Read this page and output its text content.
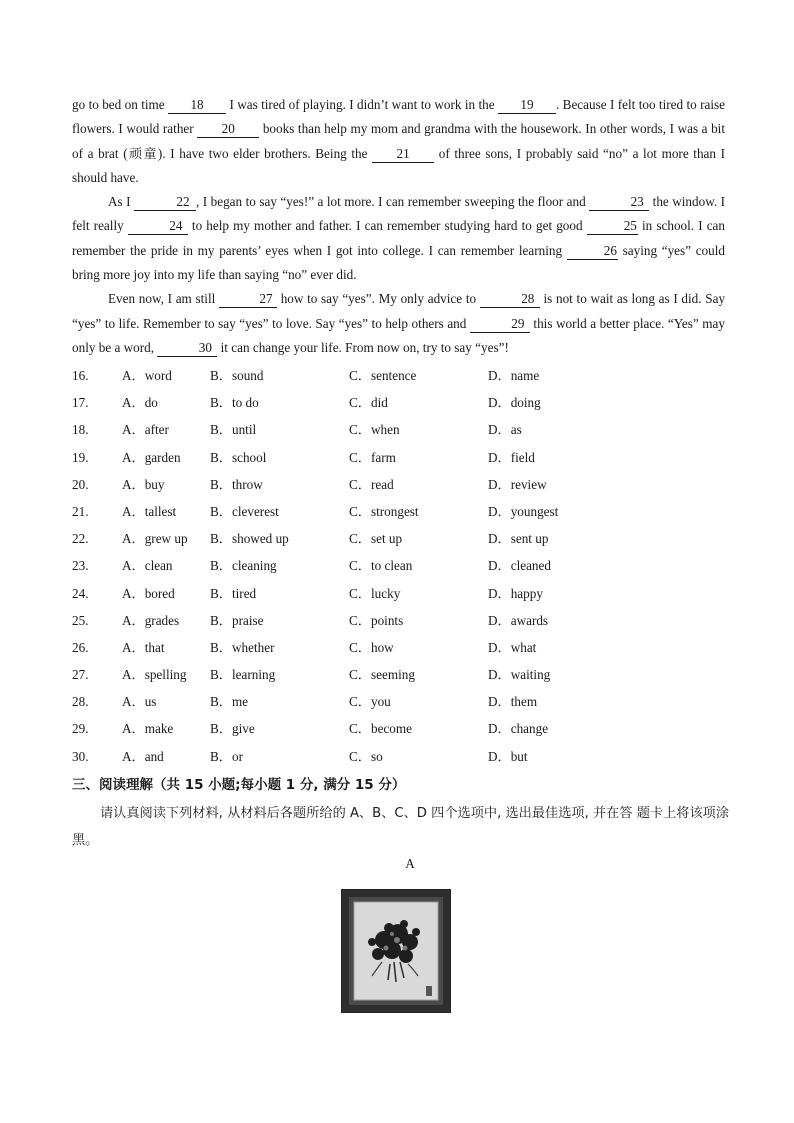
go to bed on time 18 I was tired of playing. I didn’t want to work in the 19 . Because I felt too tired to raise flowers. I would rather 20 books than help my mom and grandma with the housework. In other words, I was a bit of a brat (顽童). I have two elder brothers. Being the 21 of three sons, I probably said “no” a lot more than I should have.

As I	22 , I began to say “yes!” a lot more. I can remember sweeping the floor and	23 the window. I felt really	24 to help my mother and father. I can remember studying hard to get good	25 in school. I can remember the pride in my parents’ eyes when I got into college. I can remember learning	26 saying “yes” could bring more joy into my life than saying “no” ever did.

Even now, I am still	27 how to say “yes”. My only advice to	28 is not to wait as long as I did. Say “yes” to life. Remember to say “yes” to love. Say “yes” to help others and	29 this world a better place. “Yes” may only be a word,	30 it can change your life. From now on, try to say “yes”!

16.	A．word	B．sound	C．sentence	D．name
17.	A．do	B．to do	C．did	D．doing
18.	A．after	B．until	C．when	D．as
19.	A．garden B．school	C．farm	D．field
20.	A．buy	B．throw	C．read	D．review
21.	A．tallest	B．cleverest	C．strongest	D．youngest
22.	A．grew up B．showed up	C．set up	D．sent up
23.	A．clean	B．cleaning	C．to clean	D．cleaned
24.	A．bored	B．tired	C．lucky	D．happy
25.	A．grades B．praise	C．points	D．awards
26.	A．that	B．whether	C．how	D．what
27.	A．spelling B．learning	C．seeming	D．waiting
28.	A．us	B．me	C．you	D．them
29.	A．make	B．give	C．become	D．change
30.	A．and	B．or	C．so	D．but
三、阅读理解（共 15 小题;每小题 1 分, 满分 15 分）
请认真阅读下列材料, 从材料后各题所给的 A、B、C、D 四个选项中, 选出最佳选项, 并在答 题卡上将该项涂黑。
A
